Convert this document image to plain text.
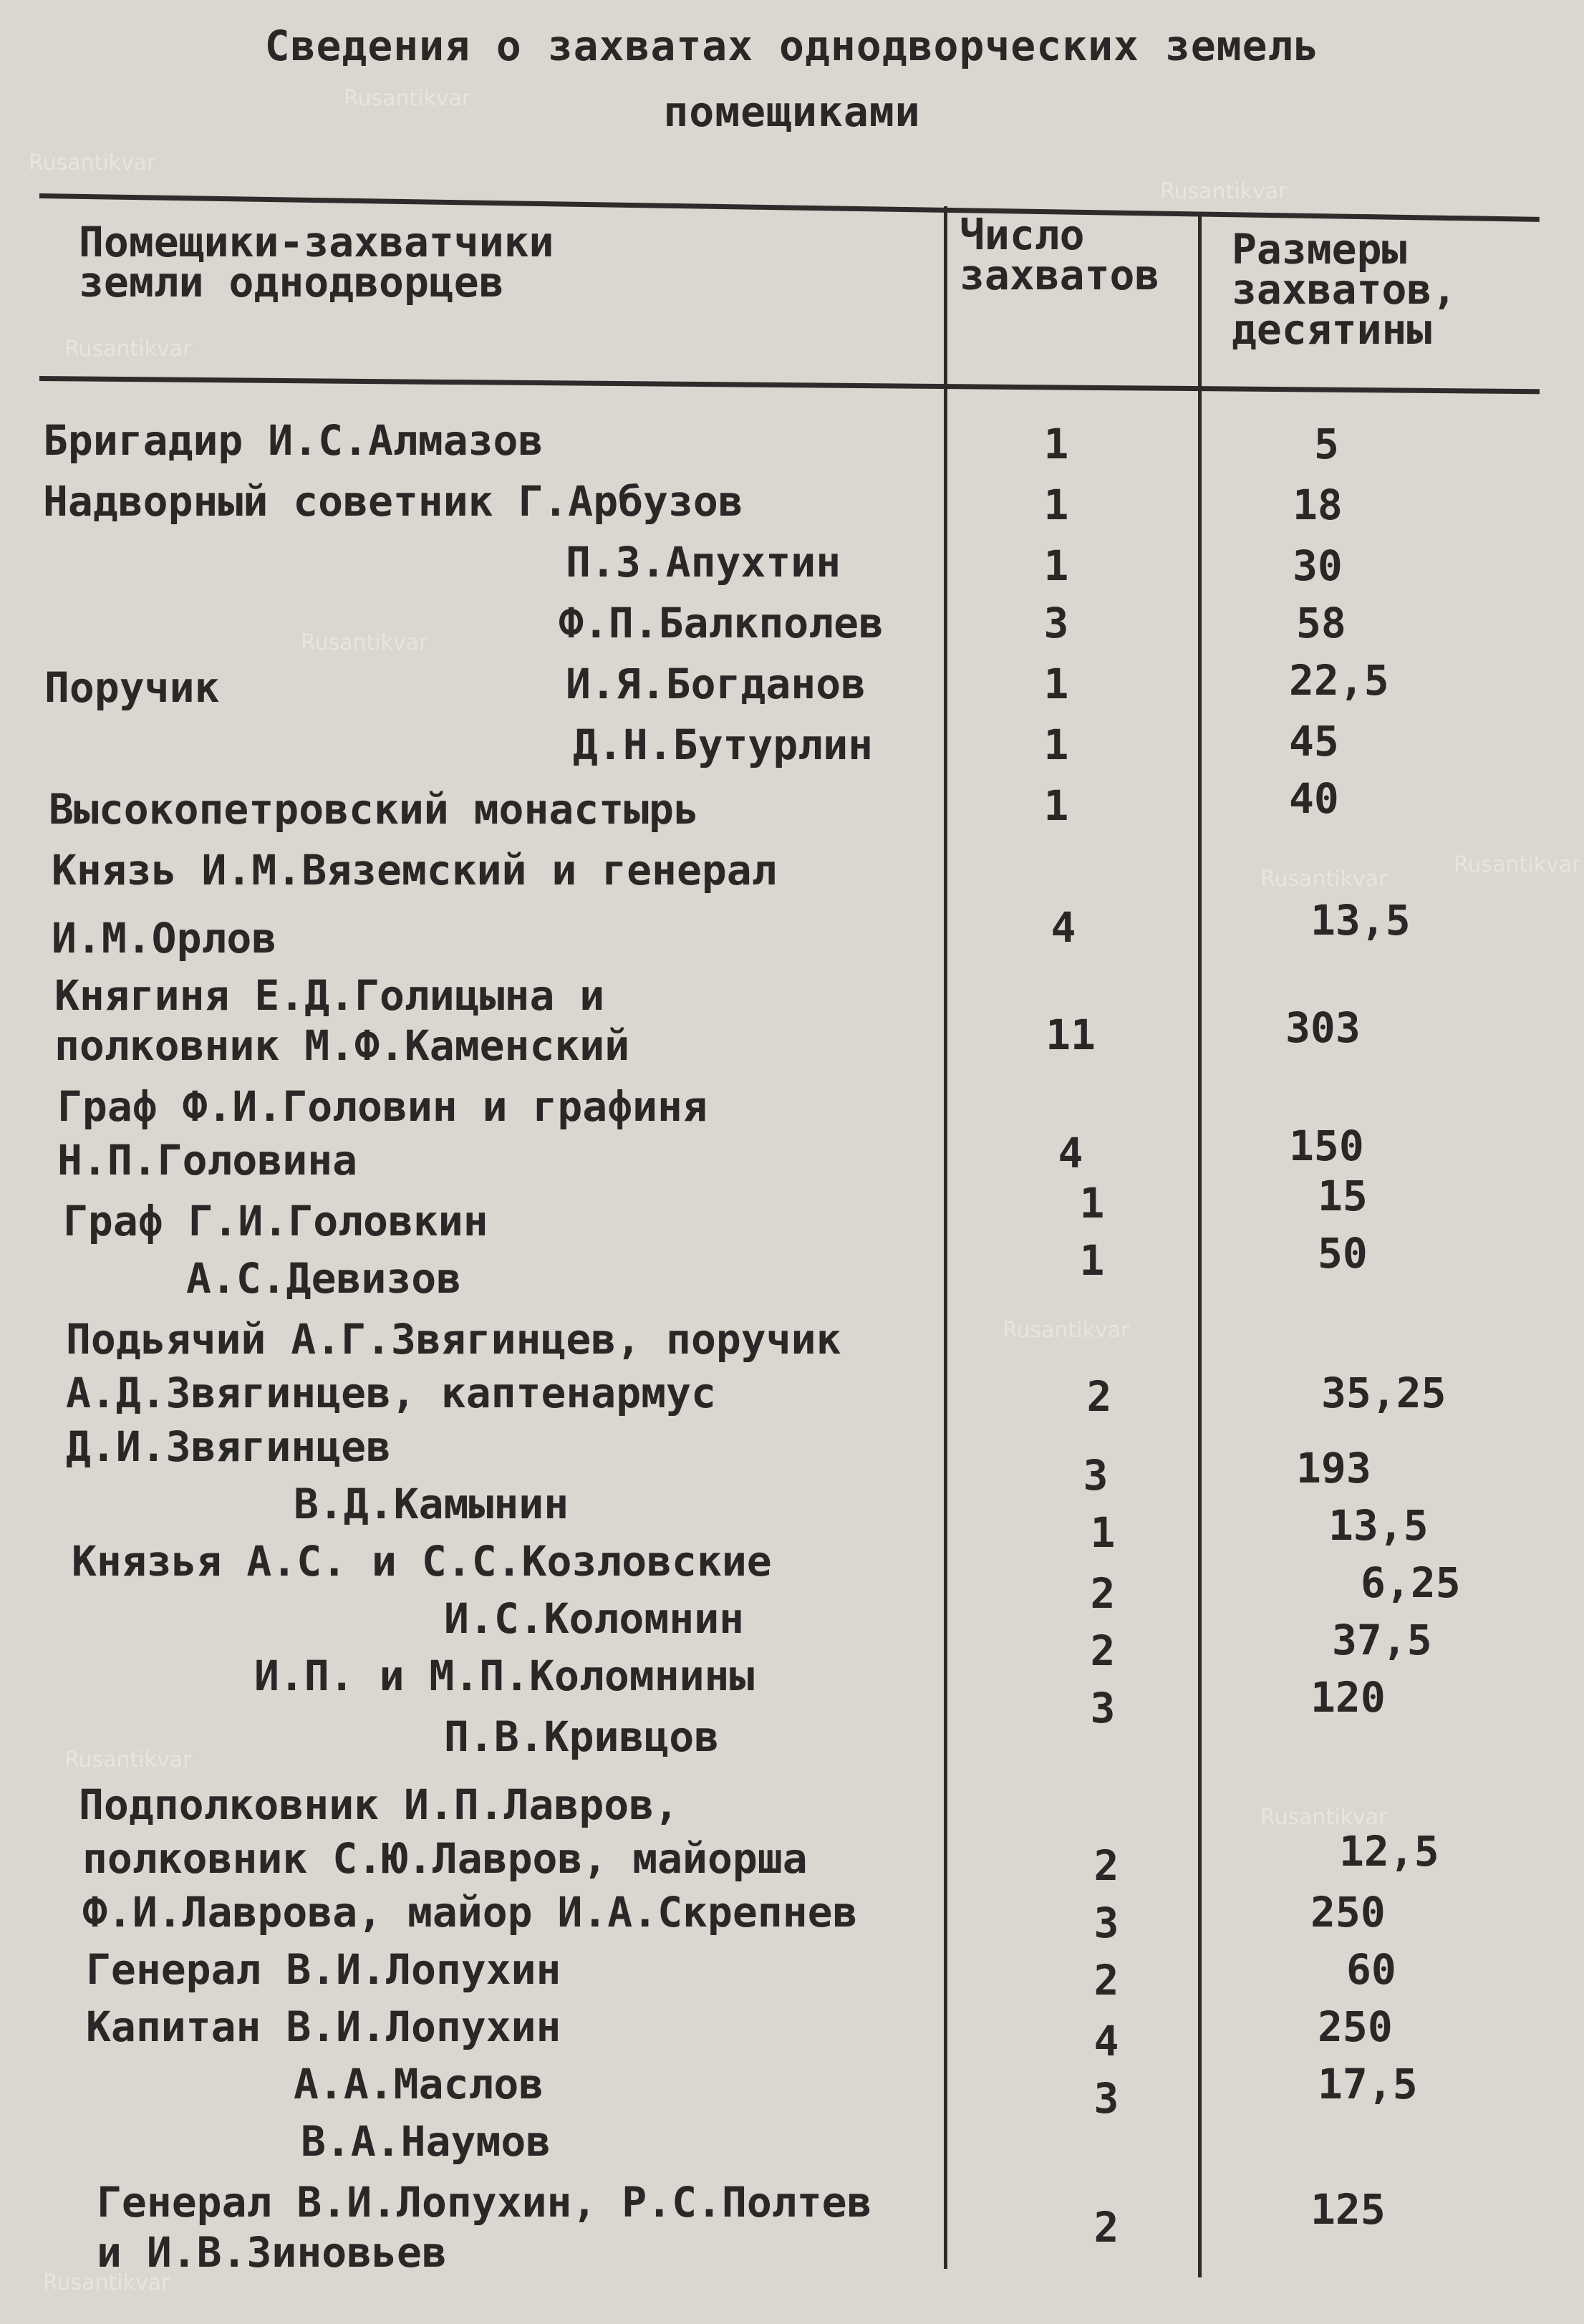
Сведения о захватах однодворческих земель
помещиками
Помещики-захватчики
земли однодворцев
Число
захватов
Размеры
захватов,
десятины
Бригадир И.С.Алмазов
Надворный советник Г.Арбузов
П.З.Апухтин
Ф.П.Балкполев
Поручик	И.Я.Богданов
Д.Н.Бутурлин
Высокопетровский монастырь
Князь И.М.Вяземский и генерал
И.М.Орлов
Княгиня Е.Д.Голицына и
полковник М.Ф.Каменский
Граф Ф.И.Головин и графиня
Н.П.Головина
Граф Г.И.Головкин
А.С.Девизов
Подьячий А.Г.Звягинцев, поручик
А.Д.Звягинцев, каптенармус
Д.И.Звягинцев
В.Д.Камынин
Князья А.С. и С.С.Козловские
И.С.Коломнин
И.П. и М.П.Коломнины
П.В.Кривцов
Подполковник И.П.Лавров,
полковник С.Ю.Лавров, майорша
Ф.И.Лаврова, майор И.А.Скрепнев
Генерал В.И.Лопухин
Капитан В.И.Лопухин
А.А.Маслов
В.А.Наумов
Генерал В.И.Лопухин, Р.С.Полтев
и И.В.Зиновьев
1
1
1
3
1
1
1
4
11
4
1
1
2
3
1
2
2
3
2
3
2
4
3
2
5
18
30
58
22,5
45
40
13,5
303
150
15
50
35,25
193
13,5
6,25
37,5
120
12,5
250
60
250
17,5
125
Rusantikvar
Rusantikvar
Rusantikvar
Rusantikvar
Rusantikvar
Rusantikvar
Rusantikvar
Rusantikvar
Rusantikvar
Rusantikvar
Rusantikvar
